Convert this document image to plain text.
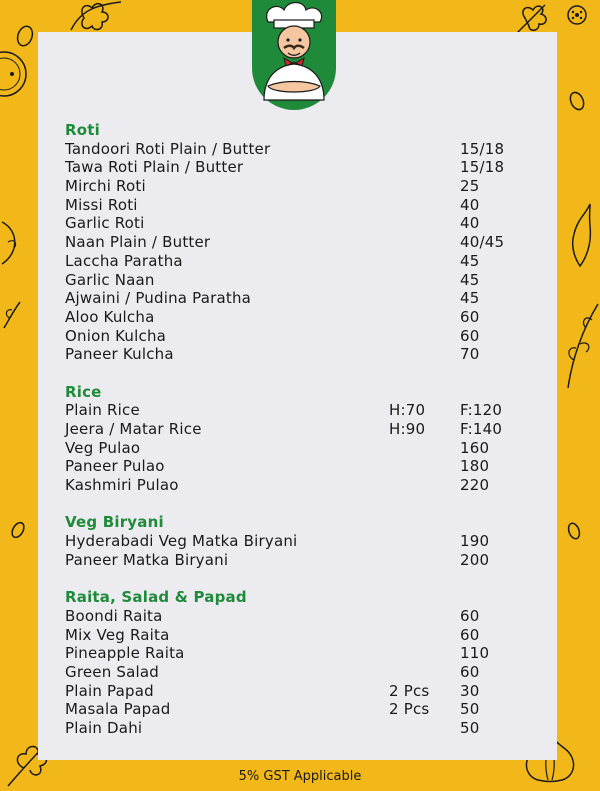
Roti
Tandoori Roti Plain / Butter	15/18
Tawa Roti Plain / Butter	15/18
Mirchi Roti	25
Missi Roti	40
Garlic Roti	40
Naan Plain / Butter	40/45
Laccha Paratha	45
Garlic Naan	45
Ajwaini / Pudina Paratha	45
Aloo Kulcha	60
Onion Kulcha	60
Paneer Kulcha	70
Rice
Plain Rice	H:70 F:120
Jeera / Matar Rice	H:90 F:140
Veg Pulao	160
Paneer Pulao	180
Kashmiri Pulao	220
Veg Biryani
Hyderabadi Veg Matka Biryani	190
Paneer Matka Biryani	200
Raita, Salad & Papad
Boondi Raita	60
Mix Veg Raita	60
Pineapple Raita	110
Green Salad	60
Plain Papad	2 Pcs 30
Masala Papad	2 Pcs 50
Plain Dahi	50
5% GST Applicable
